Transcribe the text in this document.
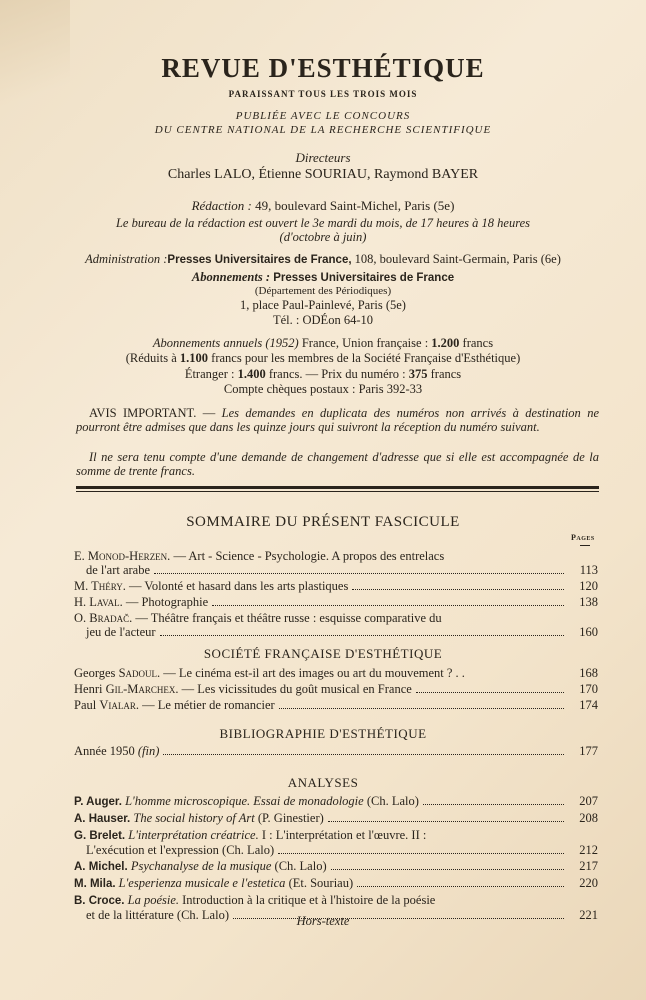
REVUE D'ESTHÉTIQUE
PARAISSANT TOUS LES TROIS MOIS
PUBLIÉE AVEC LE CONCOURS
DU CENTRE NATIONAL DE LA RECHERCHE SCIENTIFIQUE
Directeurs
Charles LALO, Étienne SOURIAU, Raymond BAYER
Rédaction : 49, boulevard Saint-Michel, Paris (5e)
Le bureau de la rédaction est ouvert le 3e mardi du mois, de 17 heures à 18 heures
(d'octobre à juin)
Administration :Presses Universitaires de France, 108, boulevard Saint-Germain, Paris (6e)
Abonnements : Presses Universitaires de France
(Département des Périodiques)
1, place Paul-Painlevé, Paris (5e)
Tél. : ODÉon 64-10
Abonnements annuels (1952) France, Union française : 1.200 francs
(Réduits à 1.100 francs pour les membres de la Société Française d'Esthétique)
Étranger : 1.400 francs. — Prix du numéro : 375 francs
Compte chèques postaux : Paris 392-33
AVIS IMPORTANT. — Les demandes en duplicata des numéros non arrivés à destination ne pourront être admises que dans les quinze jours qui suivront la réception du numéro suivant.
Il ne sera tenu compte d'une demande de changement d'adresse que si elle est accompagnée de la somme de trente francs.
SOMMAIRE DU PRÉSENT FASCICULE
Pages
E. Monod-Herzen. — Art - Science - Psychologie. A propos des entrelacs
de l'art arabe	113
M. Théry. — Volonté et hasard dans les arts plastiques	120
H. Laval. — Photographie	138
O. Bradač. — Théâtre français et théâtre russe : esquisse comparative du
jeu de l'acteur	160
SOCIÉTÉ FRANÇAISE D'ESTHÉTIQUE
Georges Sadoul. — Le cinéma est-il art des images ou art du mouvement ? . .	168
Henri Gil-Marchex. — Les vicissitudes du goût musical en France	170
Paul Vialar. — Le métier de romancier	174
BIBLIOGRAPHIE D'ESTHÉTIQUE
Année 1950 (fin)	177
ANALYSES
P. Auger. L'homme microscopique. Essai de monadologie (Ch. Lalo)	207
A. Hauser. The social history of Art (P. Ginestier)	208
G. Brelet. L'interprétation créatrice. I : L'interprétation et l'œuvre. II :
L'exécution et l'expression (Ch. Lalo)	212
A. Michel. Psychanalyse de la musique (Ch. Lalo)	217
M. Mila. L'esperienza musicale e l'estetica (Et. Souriau)	220
B. Croce. La poésie. Introduction à la critique et à l'histoire de la poésie
et de la littérature (Ch. Lalo)	221
Hors-texte
